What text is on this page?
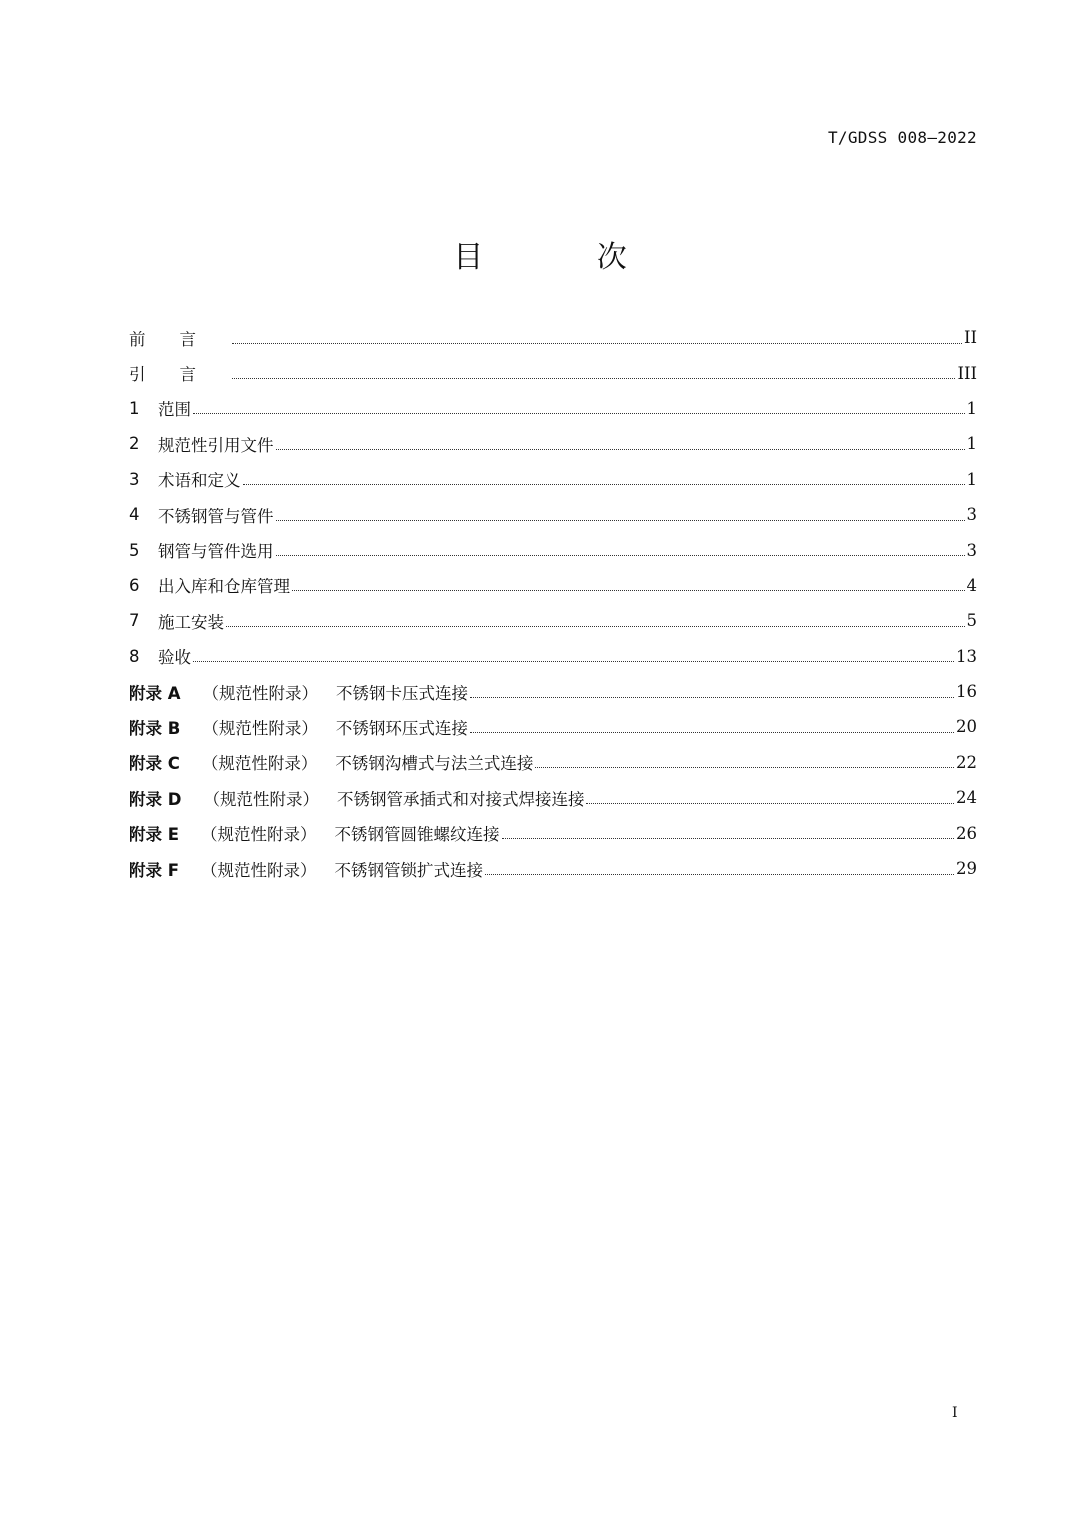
T/GDSS 008—2022
目 次
前言	II
引言	III
1	范围	1
2	规范性引用文件	1
3	术语和定义	1
4	不锈钢管与管件	3
5	钢管与管件选用	3
6	出入库和仓库管理	4
7	施工安装	5
8	验收	13
附录 A （规范性附录） 不锈钢卡压式连接	16
附录 B （规范性附录） 不锈钢环压式连接	20
附录 C （规范性附录） 不锈钢沟槽式与法兰式连接	22
附录 D （规范性附录） 不锈钢管承插式和对接式焊接连接	24
附录 E （规范性附录） 不锈钢管圆锥螺纹连接	26
附录 F （规范性附录） 不锈钢管锁扩式连接	29
I
